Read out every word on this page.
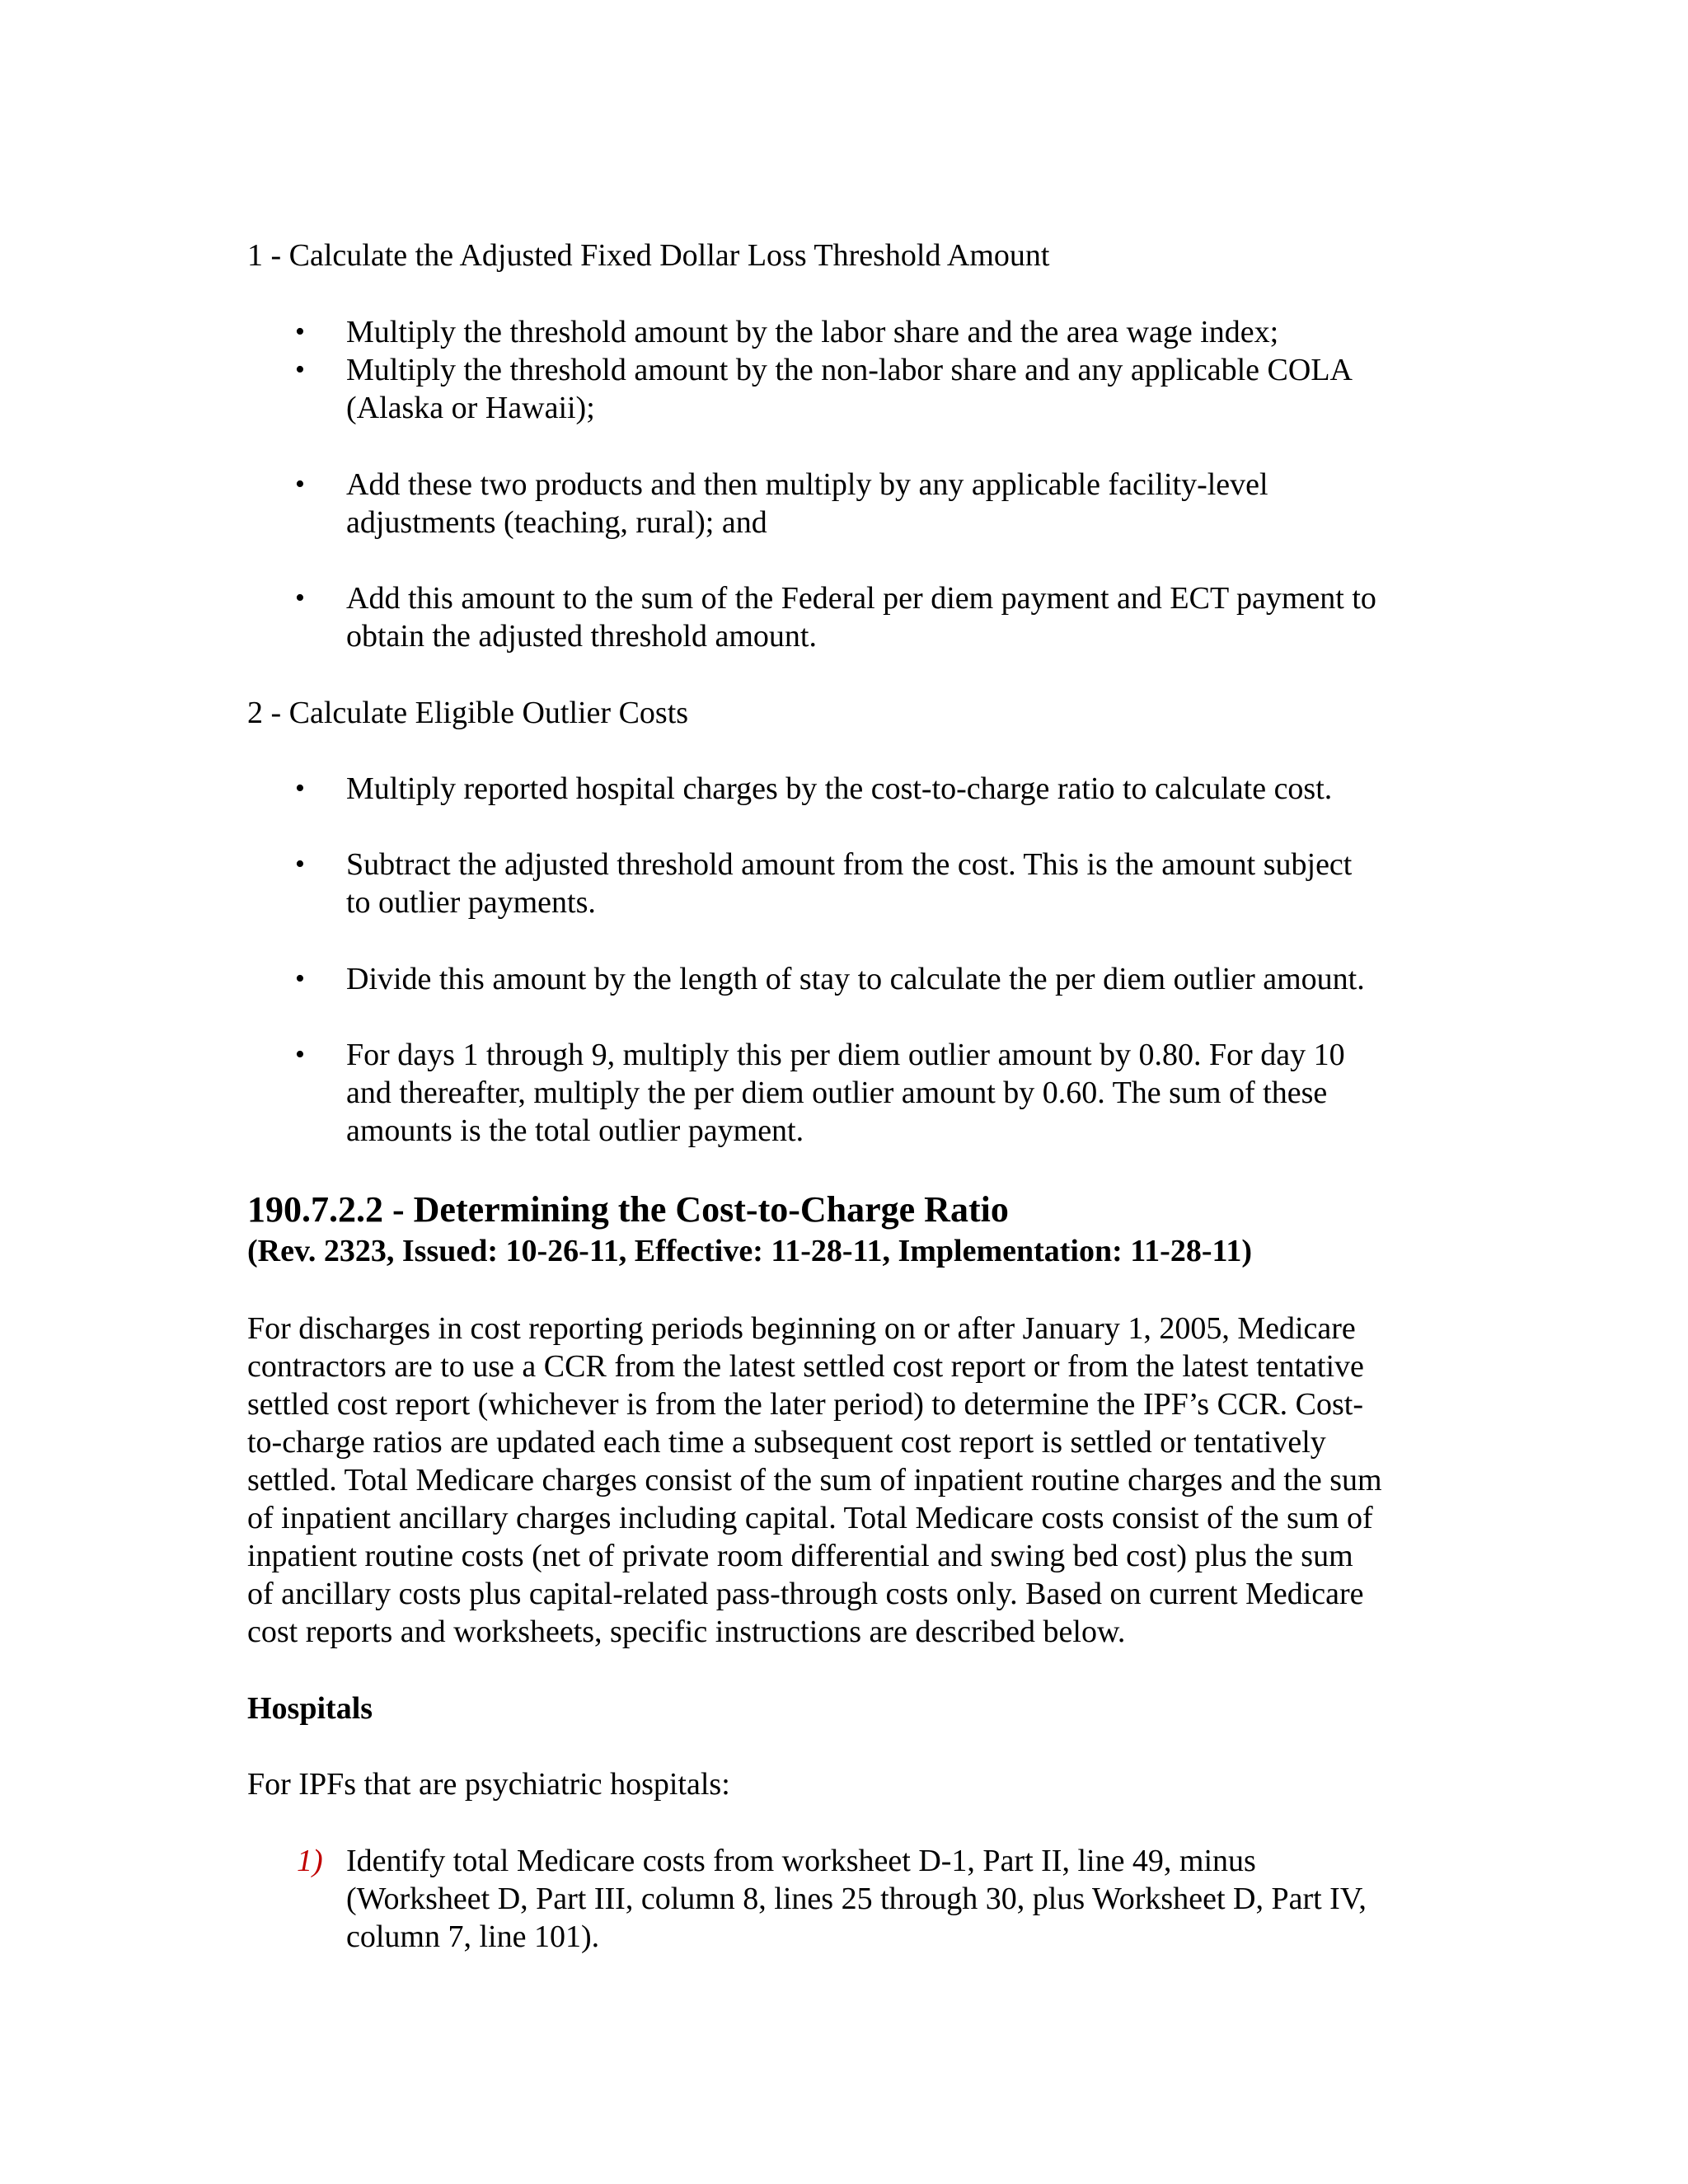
1 - Calculate the Adjusted Fixed Dollar Loss Threshold Amount
• Multiply the threshold amount by the labor share and the area wage index;
• Multiply the threshold amount by the non-labor share and any applicable COLA
(Alaska or Hawaii);
• Add these two products and then multiply by any applicable facility-level
adjustments (teaching, rural); and
• Add this amount to the sum of the Federal per diem payment and ECT payment to
obtain the adjusted threshold amount.
2 - Calculate Eligible Outlier Costs
• Multiply reported hospital charges by the cost-to-charge ratio to calculate cost.
• Subtract the adjusted threshold amount from the cost. This is the amount subject
to outlier payments.
• Divide this amount by the length of stay to calculate the per diem outlier amount.
• For days 1 through 9, multiply this per diem outlier amount by 0.80. For day 10
and thereafter, multiply the per diem outlier amount by 0.60. The sum of these
amounts is the total outlier payment.
190.7.2.2 - Determining the Cost-to-Charge Ratio
(Rev. 2323, Issued: 10-26-11, Effective: 11-28-11, Implementation: 11-28-11)
For discharges in cost reporting periods beginning on or after January 1, 2005, Medicare
contractors are to use a CCR from the latest settled cost report or from the latest tentative
settled cost report (whichever is from the later period) to determine the IPF’s CCR. Cost-
to-charge ratios are updated each time a subsequent cost report is settled or tentatively
settled. Total Medicare charges consist of the sum of inpatient routine charges and the sum
of inpatient ancillary charges including capital. Total Medicare costs consist of the sum of
inpatient routine costs (net of private room differential and swing bed cost) plus the sum
of ancillary costs plus capital-related pass-through costs only. Based on current Medicare
cost reports and worksheets, specific instructions are described below.
Hospitals
For IPFs that are psychiatric hospitals:
1) Identify total Medicare costs from worksheet D-1, Part II, line 49, minus
(Worksheet D, Part III, column 8, lines 25 through 30, plus Worksheet D, Part IV,
column 7, line 101).
